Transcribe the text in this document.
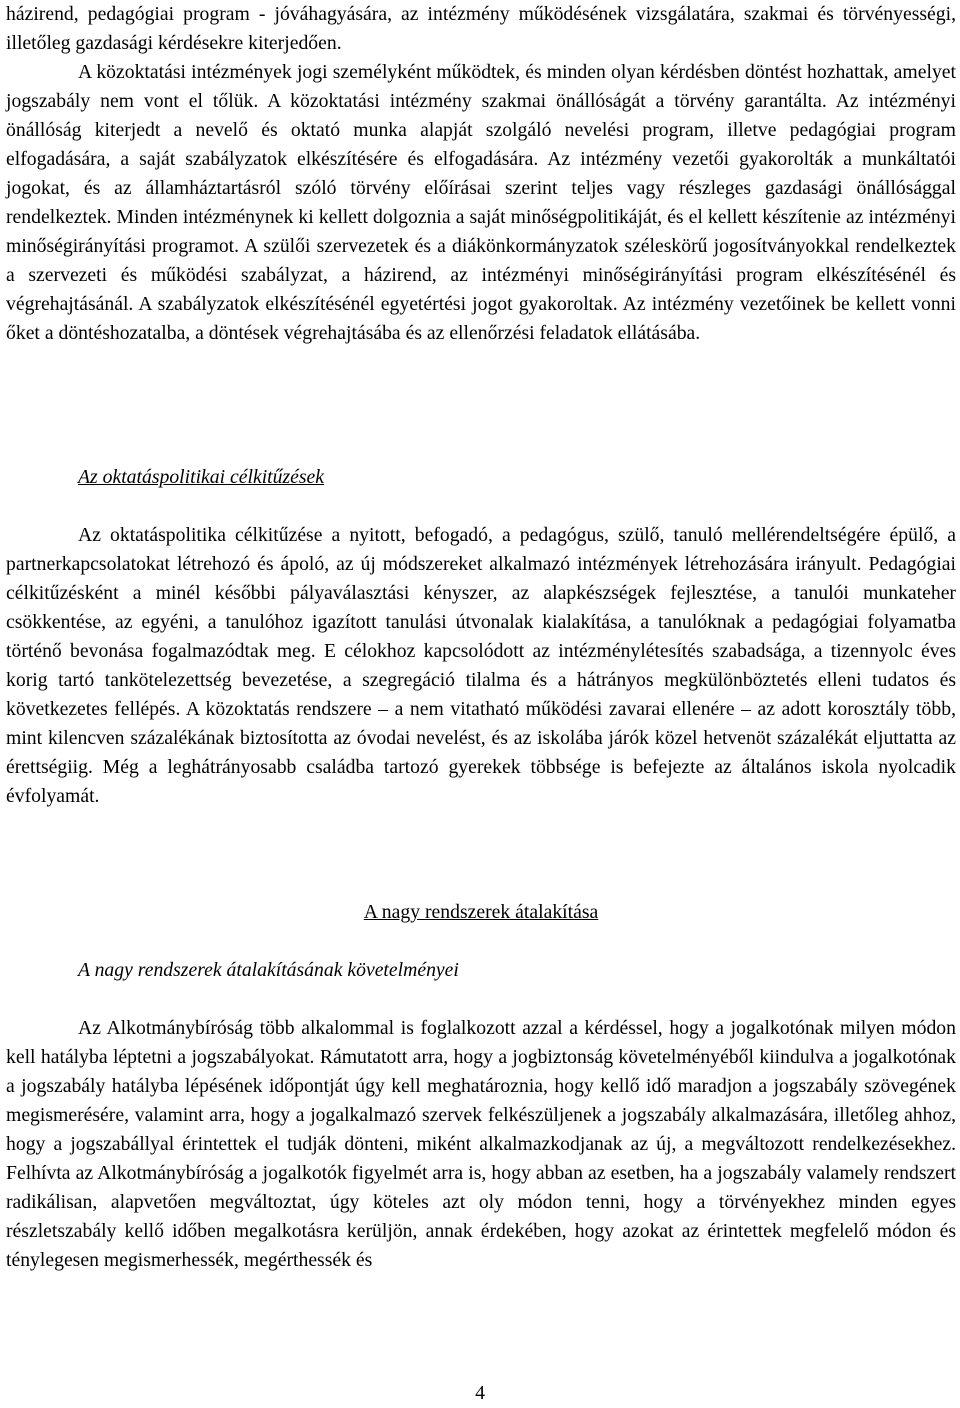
házirend, pedagógiai program - jóváhagyására, az intézmény működésének vizsgálatára, szakmai és törvényességi, illetőleg gazdasági kérdésekre kiterjedően.

A közoktatási intézmények jogi személyként működtek, és minden olyan kérdésben döntést hozhattak, amelyet jogszabály nem vont el tőlük. A közoktatási intézmény szakmai önállóságát a törvény garantálta. Az intézményi önállóság kiterjedt a nevelő és oktató munka alapját szolgáló nevelési program, illetve pedagógiai program elfogadására, a saját szabályzatok elkészítésére és elfogadására. Az intézmény vezetői gyakorolták a munkáltatói jogokat, és az államháztartásról szóló törvény előírásai szerint teljes vagy részleges gazdasági önállósággal rendelkeztek. Minden intézménynek ki kellett dolgoznia a saját minőségpolitikáját, és el kellett készítenie az intézményi minőségirányítási programot. A szülői szervezetek és a diákönkormányzatok széleskörű jogosítványokkal rendelkeztek a szervezeti és működési szabályzat, a házirend, az intézményi minőségirányítási program elkészítésénél és végrehajtásánál. A szabályzatok elkészítésénél egyetértési jogot gyakoroltak. Az intézmény vezetőinek be kellett vonni őket a döntéshozatalba, a döntések végrehajtásába és az ellenőrzési feladatok ellátásába.

Az oktatáspolitikai célkitűzések

Az oktatáspolitika célkitűzése a nyitott, befogadó, a pedagógus, szülő, tanuló mellérendeltségére épülő, a partnerkapcsolatokat létrehozó és ápoló, az új módszereket alkalmazó intézmények létrehozására irányult. Pedagógiai célkitűzésként a minél későbbi pályaválasztási kényszer, az alapkészségek fejlesztése, a tanulói munkateher csökkentése, az egyéni, a tanulóhoz igazított tanulási útvonalak kialakítása, a tanulóknak a pedagógiai folyamatba történő bevonása fogalmazódtak meg. E célokhoz kapcsolódott az intézménylétesítés szabadsága, a tizennyolc éves korig tartó tankötelezettség bevezetése, a szegregáció tilalma és a hátrányos megkülönböztetés elleni tudatos és következetes fellépés. A közoktatás rendszere – a nem vitatható működési zavarai ellenére – az adott korosztály több, mint kilencven százalékának biztosította az óvodai nevelést, és az iskolába járók közel hetvenöt százalékát eljuttatta az érettségiig. Még a leghátrányosabb családba tartozó gyerekek többsége is befejezte az általános iskola nyolcadik évfolyamát.

A nagy rendszerek átalakítása

A nagy rendszerek átalakításának követelményei

Az Alkotmánybíróság több alkalommal is foglalkozott azzal a kérdéssel, hogy a jogalkotónak milyen módon kell hatályba léptetni a jogszabályokat. Rámutatott arra, hogy a jogbiztonság követelményéből kiindulva a jogalkotónak a jogszabály hatályba lépésének időpontját úgy kell meghatároznia, hogy kellő idő maradjon a jogszabály szövegének megismerésére, valamint arra, hogy a jogalkalmazó szervek felkészüljenek a jogszabály alkalmazására, illetőleg ahhoz, hogy a jogszabállyal érintettek el tudják dönteni, miként alkalmazkodjanak az új, a megváltozott rendelkezésekhez. Felhívta az Alkotmánybíróság a jogalkotók figyelmét arra is, hogy abban az esetben, ha a jogszabály valamely rendszert radikálisan, alapvetően megváltoztat, úgy köteles azt oly módon tenni, hogy a törvényekhez minden egyes részletszabály kellő időben megalkotásra kerüljön, annak érdekében, hogy azokat az érintettek megfelelő módon és ténylegesen megismerhessék, megérthessék és

4
